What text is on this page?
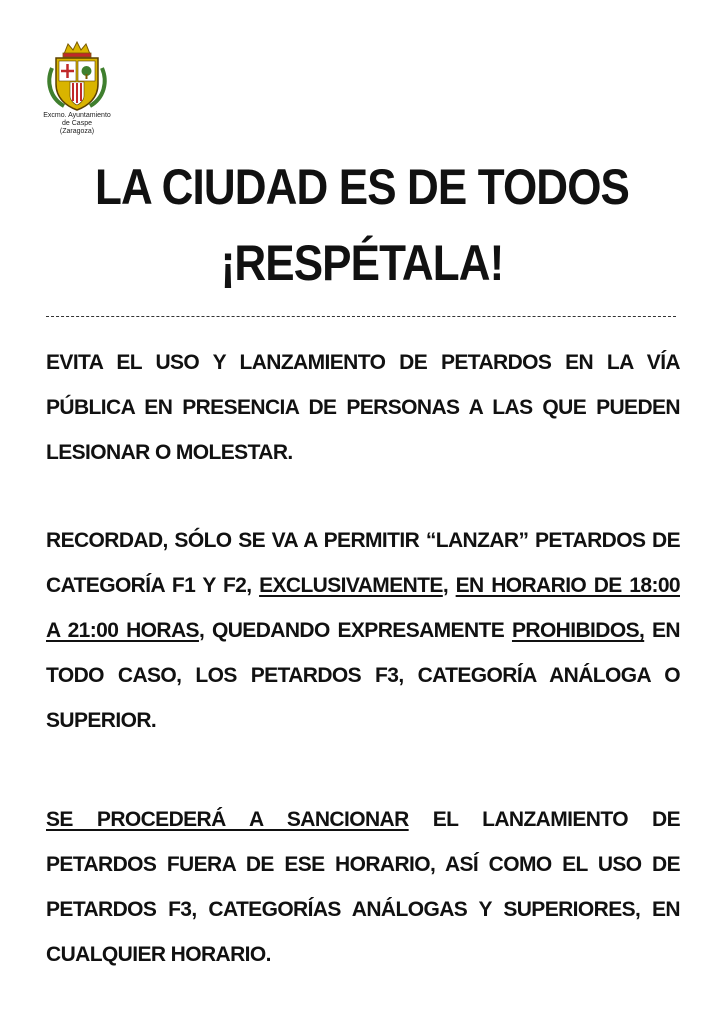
Excmo. Ayuntamiento
de Caspe
(Zaragoza)
LA CIUDAD ES DE TODOS
¡RESPÉTALA!
EVITA EL USO Y LANZAMIENTO DE PETARDOS EN LA VÍA PÚBLICA EN PRESENCIA DE PERSONAS A LAS QUE PUEDEN LESIONAR O MOLESTAR.
RECORDAD, SÓLO SE VA A PERMITIR “LANZAR” PETARDOS DE CATEGORÍA F1 Y F2, EXCLUSIVAMENTE, EN HORARIO DE 18:00 A 21:00 HORAS, QUEDANDO EXPRESAMENTE PROHIBIDOS, EN TODO CASO, LOS PETARDOS F3, CATEGORÍA ANÁLOGA O SUPERIOR.
SE PROCEDERÁ A SANCIONAR EL LANZAMIENTO DE PETARDOS FUERA DE ESE HORARIO, ASÍ COMO EL USO DE PETARDOS F3, CATEGORÍAS ANÁLOGAS Y SUPERIORES, EN CUALQUIER HORARIO.
